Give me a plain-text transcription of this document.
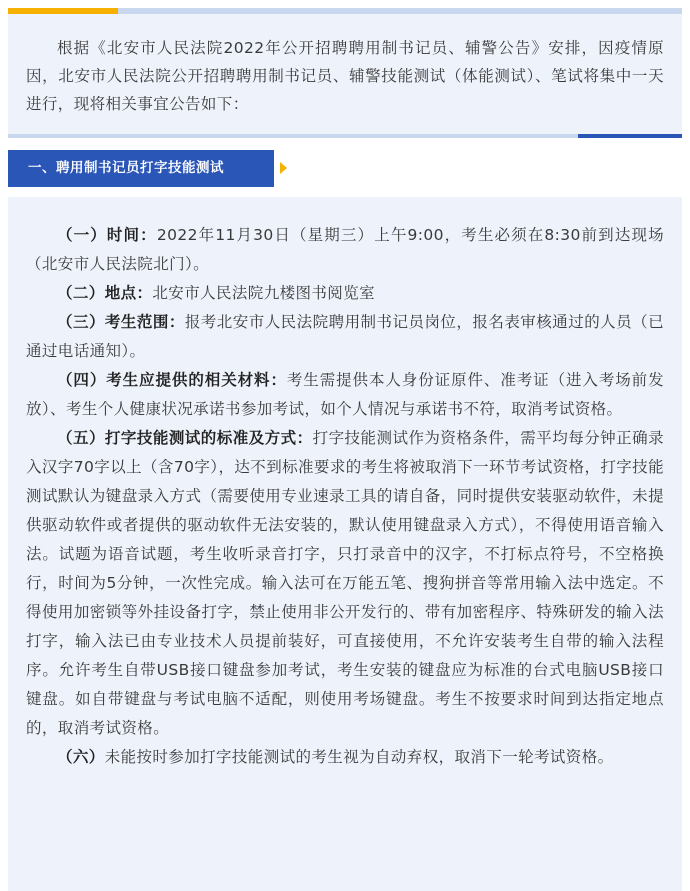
根据《北安市人民法院2022年公开招聘聘用制书记员、辅警公告》安排，因疫情原因，北安市人民法院公开招聘聘用制书记员、辅警技能测试（体能测试）、笔试将集中一天进行，现将相关事宜公告如下：

一、聘用制书记员打字技能测试

（一）时间：2022年11月30日（星期三）上午9:00，考生必须在8:30前到达现场（北安市人民法院北门）。

（二）地点：北安市人民法院九楼图书阅览室

（三）考生范围：报考北安市人民法院聘用制书记员岗位，报名表审核通过的人员（已通过电话通知）。

（四）考生应提供的相关材料：考生需提供本人身份证原件、准考证（进入考场前发放）、考生个人健康状况承诺书参加考试，如个人情况与承诺书不符，取消考试资格。

（五）打字技能测试的标准及方式：打字技能测试作为资格条件，需平均每分钟正确录入汉字70字以上（含70字），达不到标准要求的考生将被取消下一环节考试资格，打字技能测试默认为键盘录入方式（需要使用专业速录工具的请自备，同时提供安装驱动软件，未提供驱动软件或者提供的驱动软件无法安装的，默认使用键盘录入方式），不得使用语音输入法。试题为语音试题，考生收听录音打字，只打录音中的汉字，不打标点符号，不空格换行，时间为5分钟，一次性完成。输入法可在万能五笔、搜狗拼音等常用输入法中选定。不得使用加密锁等外挂设备打字，禁止使用非公开发行的、带有加密程序、特殊研发的输入法打字，输入法已由专业技术人员提前装好，可直接使用，不允许安装考生自带的输入法程序。允许考生自带USB接口键盘参加考试，考生安装的键盘应为标准的台式电脑USB接口键盘。如自带键盘与考试电脑不适配，则使用考场键盘。考生不按要求时间到达指定地点的，取消考试资格。

（六）未能按时参加打字技能测试的考生视为自动弃权，取消下一轮考试资格。
